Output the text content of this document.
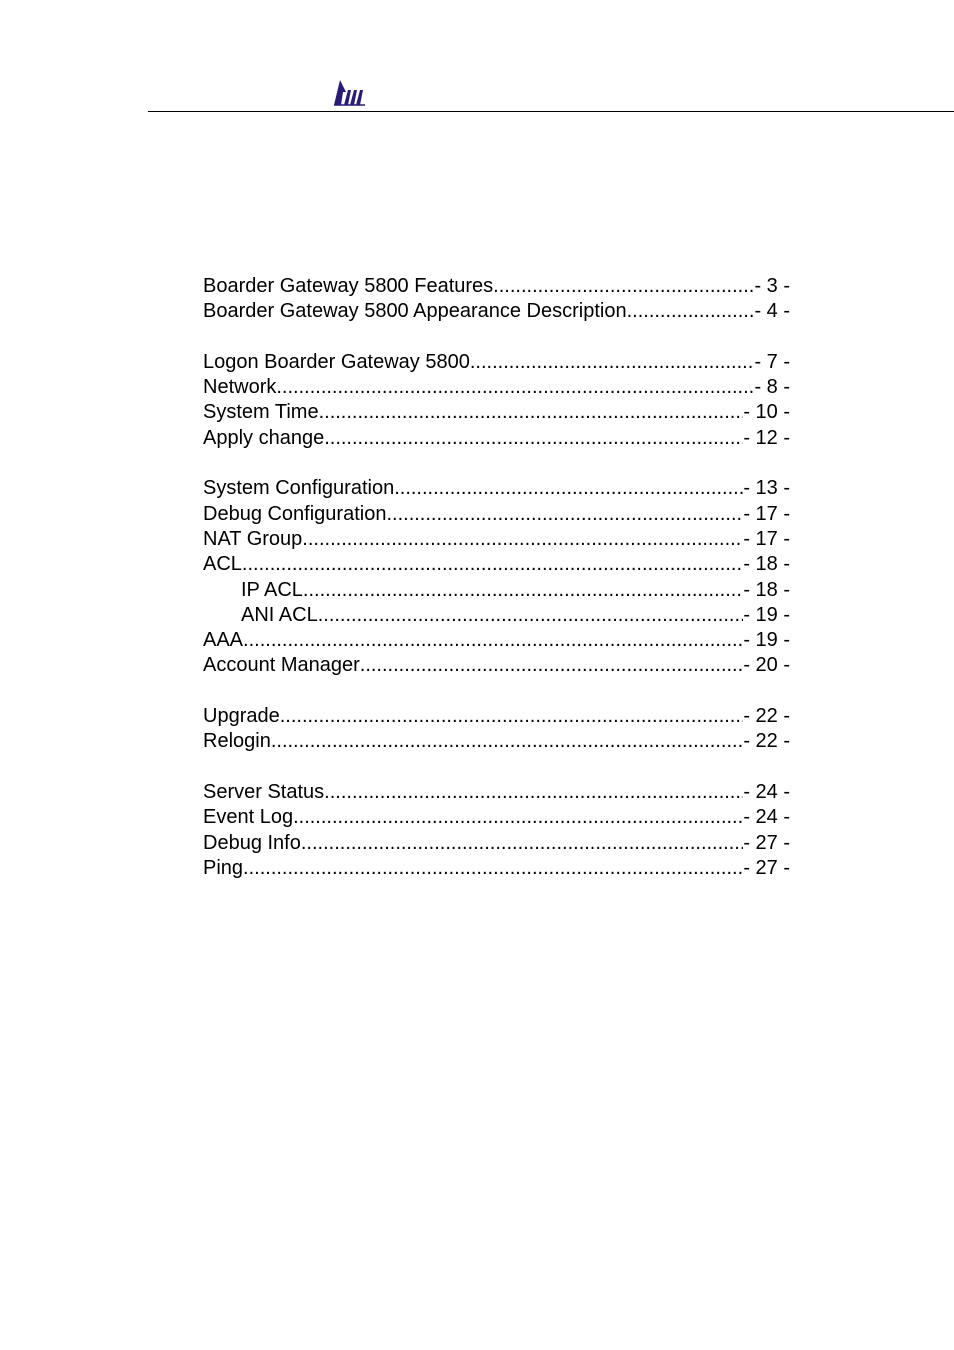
Boarder Gateway 5800 Features .....	- 3 -
Boarder Gateway 5800 Appearance Description .....	- 4 -
Logon Boarder Gateway 5800 .....	- 7 -
Network .....	- 8 -
System Time .....	- 10 -
Apply change .....	- 12 -
System Configuration .....	- 13 -
Debug Configuration .....	- 17 -
NAT Group .....	- 17 -
ACL .....	- 18 -
IP ACL .....	- 18 -
ANI ACL .....	- 19 -
AAA .....	- 19 -
Account Manager .....	- 20 -
Upgrade .....	- 22 -
Relogin .....	- 22 -
Server Status .....	- 24 -
Event Log .....	- 24 -
Debug Info .....	- 27 -
Ping .....	- 27 -
